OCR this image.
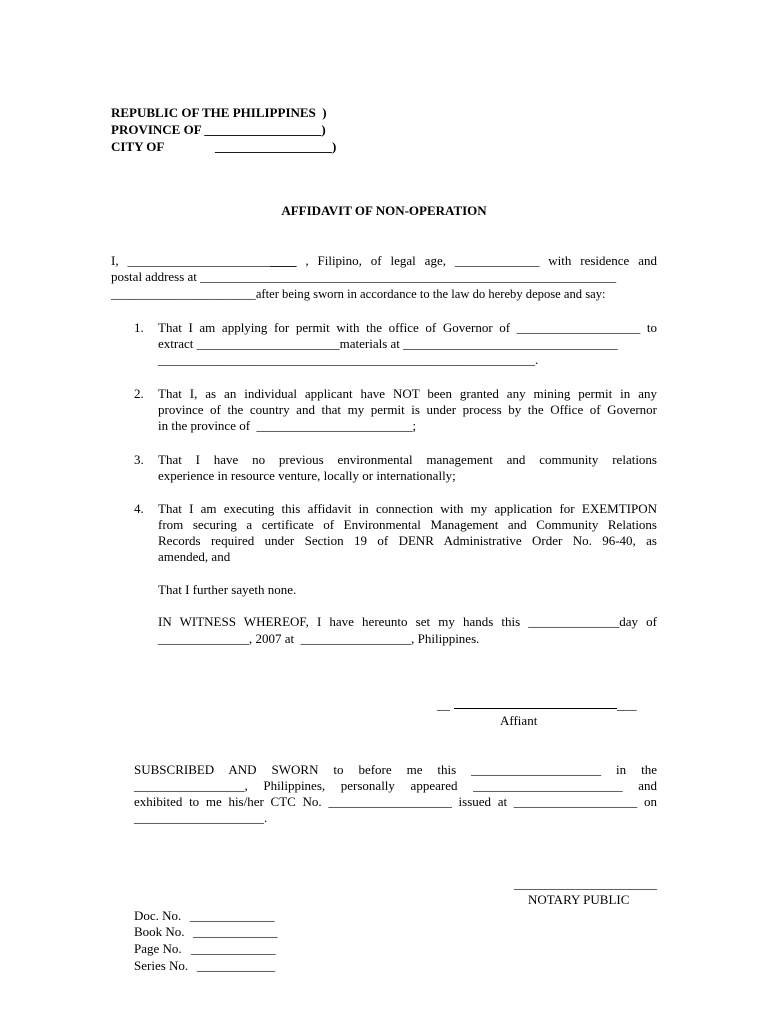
REPUBLIC OF THE PHILIPPINES  )
PROVINCE OF __________________)
CITY OF	__________________)
AFFIDAVIT OF NON-OPERATION
I, __________________________ , Filipino, of legal age, _____________ with residence and
postal address at ________________________________________________________________
_______________________after being sworn in accordance to the law do hereby depose and say:
1. That I am applying for permit with the office of Governor of ___________________ to
extract ______________________materials at _________________________________
__________________________________________________________.
2. That I, as an individual applicant have NOT been granted any mining permit in any
province of the country and that my permit is under process by the Office of Governor
in the province of  ________________________;
3. That I have no previous environmental management and community relations
experience in resource venture, locally or internationally;
4. That I am executing this affidavit in connection with my application for EXEMTIPON
from securing a certificate of Environmental Management and Community Relations
Records required under Section 19 of DENR Administrative Order No. 96-40, as
amended, and
That I further sayeth none.
IN WITNESS WHEREOF, I have hereunto set my hands this ______________day of
______________, 2007 at  _________________, Philippines.
__	___
Affiant
SUBSCRIBED AND SWORN to before me this ____________________ in the
_________________, Philippines, personally appeared _______________________ and
exhibited to me his/her CTC No. ___________________ issued at ___________________ on
____________________.
______________________
NOTARY PUBLIC
Doc. No. _____________
Book No. _____________
Page No. _____________
Series No. ____________
